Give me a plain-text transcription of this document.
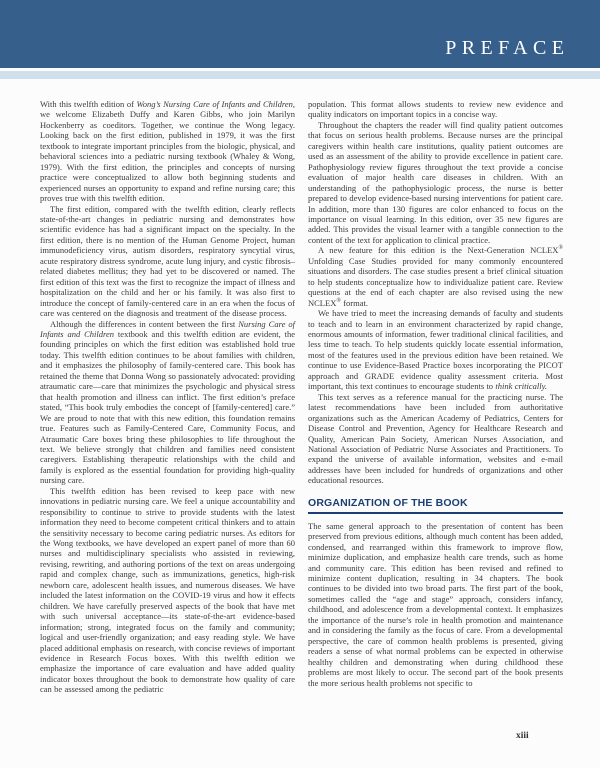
PREFACE

With this twelfth edition of Wong’s Nursing Care of Infants and Children, we welcome Elizabeth Duffy and Karen Gibbs, who join Marilyn Hockenberry as coeditors. Together, we continue the Wong legacy. Looking back on the first edition, published in 1979, it was the first textbook to integrate important principles from the biologic, physical, and behavioral sciences into a pediatric nursing textbook (Whaley & Wong, 1979). With the first edition, the principles and concepts of nursing practice were conceptualized to allow both beginning students and experienced nurses an opportunity to expand and refine nursing care; this proves true with this twelfth edition.

The first edition, compared with the twelfth edition, clearly reflects state-of-the-art changes in pediatric nursing and demonstrates how scientific evidence has had a significant impact on the specialty. In the first edition, there is no mention of the Human Genome Project, human immunodeficiency virus, autism disorders, respiratory syncytial virus, acute respiratory distress syndrome, acute lung injury, and cystic fibrosis–related diabetes mellitus; they had yet to be discovered or named. The first edition of this text was the first to recognize the impact of illness and hospitalization on the child and her or his family. It was also first to introduce the concept of family-centered care in an era when the focus of care was centered on the diagnosis and treatment of the disease process.

Although the differences in content between the first Nursing Care of Infants and Children textbook and this twelfth edition are evident, the founding principles on which the first edition was established hold true today. This twelfth edition continues to be about families with children, and it emphasizes the philosophy of family-centered care. This book has retained the theme that Donna Wong so passionately advocated: providing atraumatic care—care that minimizes the psychologic and physical stress that health promotion and illness can inflict. The first edition’s preface stated, “This book truly embodies the concept of [family-centered] care.” We are proud to note that with this new edition, this foundation remains true. Features such as Family-Centered Care, Community Focus, and Atraumatic Care boxes bring these philosophies to life throughout the text. We believe strongly that children and families need consistent caregivers. Establishing therapeutic relationships with the child and family is explored as the essential foundation for providing high-quality nursing care.

This twelfth edition has been revised to keep pace with new innovations in pediatric nursing care. We feel a unique accountability and responsibility to continue to strive to provide students with the latest information they need to become competent critical thinkers and to attain the sensitivity necessary to become caring pediatric nurses. As editors for the Wong textbooks, we have developed an expert panel of more than 60 nurses and multidisciplinary specialists who assisted in reviewing, revising, rewriting, and authoring portions of the text on areas undergoing rapid and complex change, such as immunizations, genetics, high-risk newborn care, adolescent health issues, and numerous diseases. We have included the latest information on the COVID-19 virus and how it effects children. We have carefully preserved aspects of the book that have met with such universal acceptance—its state-of-the-art evidence-based information; strong, integrated focus on the family and community; logical and user-friendly organization; and easy reading style. We have placed additional emphasis on research, with concise reviews of important evidence in Research Focus boxes. With this twelfth edition we emphasize the importance of care evaluation and have added quality indicator boxes throughout the book to demonstrate how quality of care can be assessed among the pediatric

population. This format allows students to review new evidence and quality indicators on important topics in a concise way.

Throughout the chapters the reader will find quality patient outcomes that focus on serious health problems. Because nurses are the principal caregivers within health care institutions, quality patient outcomes are used as an assessment of the ability to provide excellence in patient care. Pathophysiology review figures throughout the text provide a concise evaluation of major health care diseases in children. With an understanding of the pathophysiologic process, the nurse is better prepared to develop evidence-based nursing interventions for patient care. In addition, more than 130 figures are color enhanced to focus on the importance on visual learning. In this edition, over 35 new figures are added. This provides the visual learner with a tangible connection to the content of the text for application to clinical practice.

A new feature for this edition is the Next-Generation NCLEX® Unfolding Case Studies provided for many commonly encountered situations and disorders. The case studies present a brief clinical situation to help students conceptualize how to individualize patient care. Review questions at the end of each chapter are also revised using the new NCLEX® format.

We have tried to meet the increasing demands of faculty and students to teach and to learn in an environment characterized by rapid change, enormous amounts of information, fewer traditional clinical facilities, and less time to teach. To help students quickly locate essential information, most of the features used in the previous edition have been retained. We continue to use Evidence-Based Practice boxes incorporating the PICOT approach and GRADE evidence quality assessment criteria. Most important, this text continues to encourage students to think critically.

This text serves as a reference manual for the practicing nurse. The latest recommendations have been included from authoritative organizations such as the American Academy of Pediatrics, Centers for Disease Control and Prevention, Agency for Healthcare Research and Quality, American Pain Society, American Nurses Association, and National Association of Pediatric Nurse Associates and Practitioners. To expand the universe of available information, websites and e-mail addresses have been included for hundreds of organizations and other educational resources.

ORGANIZATION OF THE BOOK

The same general approach to the presentation of content has been preserved from previous editions, although much content has been added, condensed, and rearranged within this framework to improve flow, minimize duplication, and emphasize health care trends, such as home and community care. This edition has been revised and refined to minimize content duplication, resulting in 34 chapters. The book continues to be divided into two broad parts. The first part of the book, sometimes called the “age and stage” approach, considers infancy, childhood, and adolescence from a developmental context. It emphasizes the importance of the nurse’s role in health promotion and maintenance and in considering the family as the focus of care. From a developmental perspective, the care of common health problems is presented, giving readers a sense of what normal problems can be expected in otherwise healthy children and demonstrating when during childhood these problems are most likely to occur. The second part of the book presents the more serious health problems not specific to

xiii
